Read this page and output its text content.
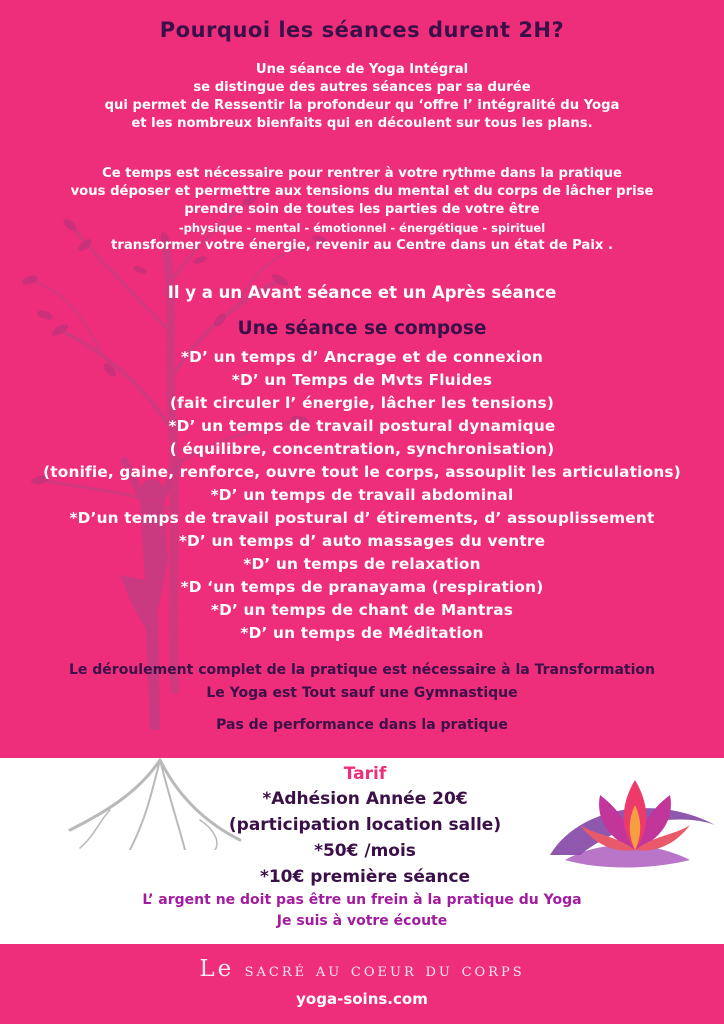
Pourquoi les séances durent 2H?
Une séance de Yoga Intégral
se distingue des autres séances par sa durée
qui permet de Ressentir la profondeur qu ‘offre l’ intégralité du Yoga
et les nombreux bienfaits qui en découlent sur tous les plans.
Ce temps est nécessaire pour rentrer à votre rythme dans la pratique
vous déposer et permettre aux tensions du mental et du corps de lâcher prise
prendre soin de toutes les parties de votre être
-physique - mental - émotionnel - énergétique - spirituel
transformer votre énergie, revenir au Centre dans un état de Paix .
Il y a un Avant séance et un Après séance
Une séance se compose
*D’ un temps d’ Ancrage et de connexion
*D’ un Temps de Mvts Fluides
(fait circuler l’ énergie, lâcher les tensions)
*D’ un temps de travail postural dynamique
( équilibre, concentration, synchronisation)
(tonifie, gaine, renforce, ouvre tout le corps, assouplit les articulations)
*D’ un temps de travail abdominal
*D’un temps de travail postural d’ étirements, d’ assouplissement
*D’ un temps d’ auto massages du ventre
*D’ un temps de relaxation
*D ‘un temps de pranayama (respiration)
*D’ un temps de chant de Mantras
*D’ un temps de Méditation
Le déroulement complet de la pratique est nécessaire à la Transformation
Le Yoga est Tout sauf une Gymnastique
Pas de performance dans la pratique
Tarif
*Adhésion Année 20€
(participation location salle)
*50€ /mois
*10€ première séance
L’ argent ne doit pas être un frein à la pratique du Yoga
Je suis à votre écoute
Le sacré au coeur du corps
yoga-soins.com
